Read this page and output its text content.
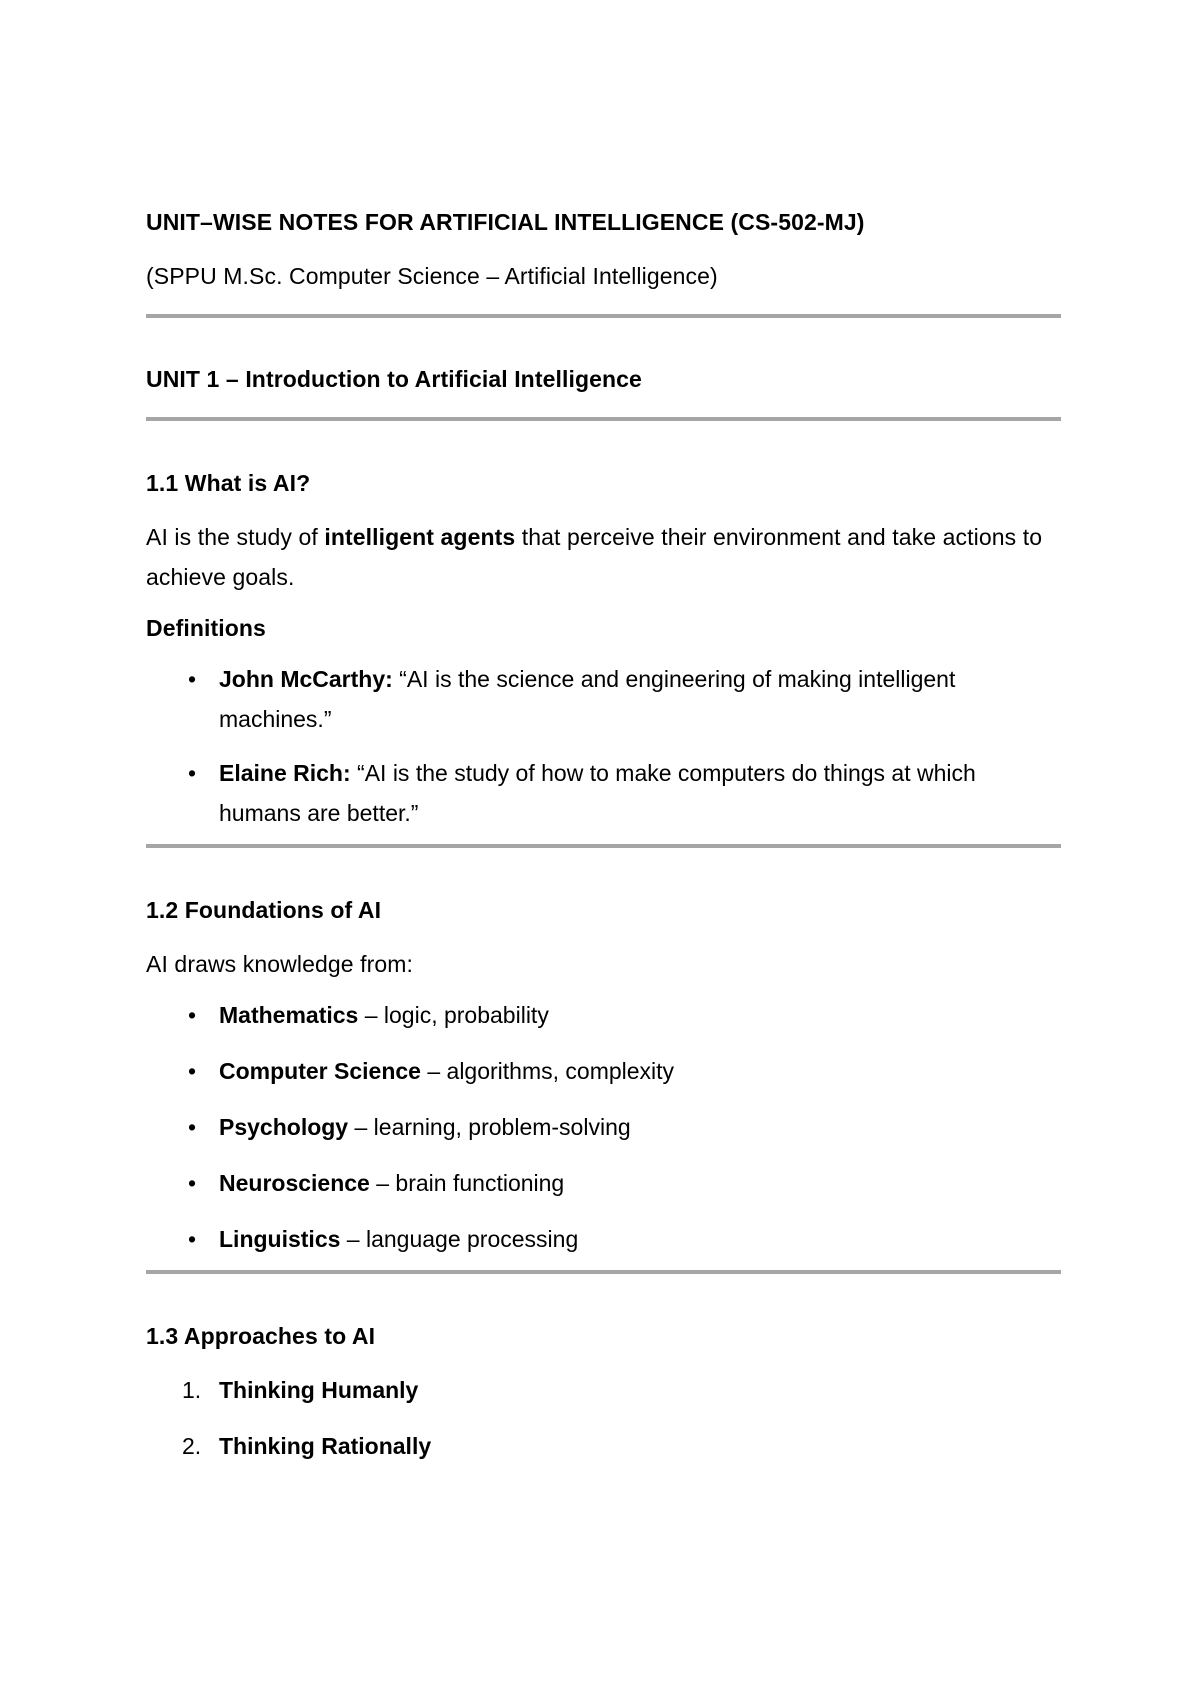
UNIT–WISE NOTES FOR ARTIFICIAL INTELLIGENCE (CS-502-MJ)

(SPPU M.Sc. Computer Science – Artificial Intelligence)

UNIT 1 – Introduction to Artificial Intelligence

1.1 What is AI?

AI is the study of intelligent agents that perceive their environment and take actions to achieve goals.

Definitions

• John McCarthy: “AI is the science and engineering of making intelligent machines.”
• Elaine Rich: “AI is the study of how to make computers do things at which humans are better.”

1.2 Foundations of AI

AI draws knowledge from:

• Mathematics – logic, probability
• Computer Science – algorithms, complexity
• Psychology – learning, problem-solving
• Neuroscience – brain functioning
• Linguistics – language processing

1.3 Approaches to AI

1. Thinking Humanly
2. Thinking Rationally
